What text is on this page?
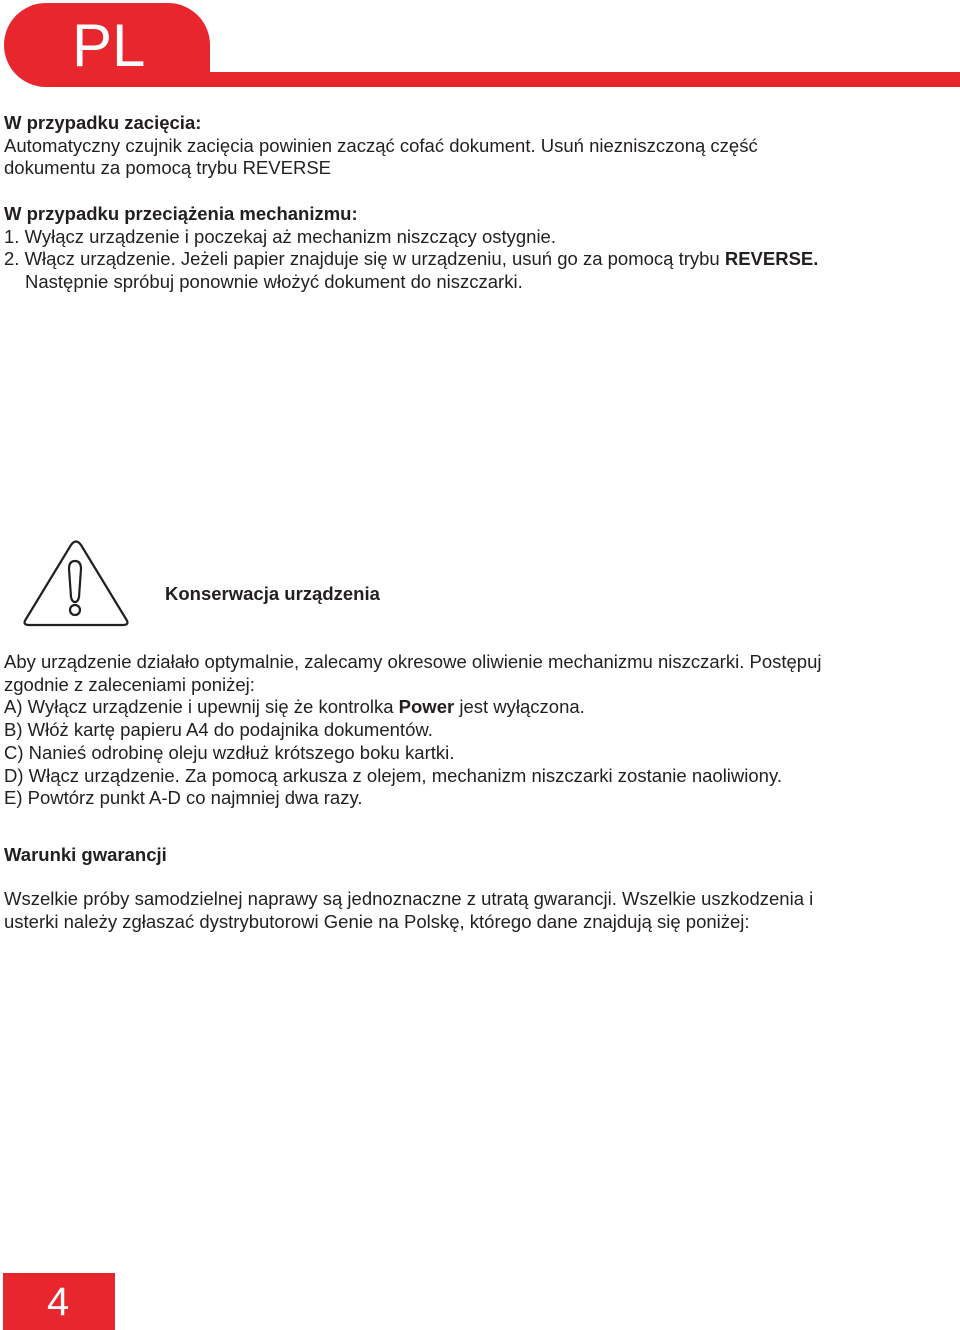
PL

W przypadku zacięcia:

Automatyczny czujnik zacięcia powinien zacząć cofać dokument. Usuń niezniszczoną część

dokumentu za pomocą trybu REVERSE

W przypadku przeciążenia mechanizmu:

1. Wyłącz urządzenie i poczekaj aż mechanizm niszczący ostygnie.

2. Włącz urządzenie. Jeżeli papier znajduje się w urządzeniu, usuń go za pomocą trybu REVERSE.

Następnie spróbuj ponownie włożyć dokument do niszczarki.

Konserwacja urządzenia

Aby urządzenie działało optymalnie, zalecamy okresowe oliwienie mechanizmu niszczarki. Postępuj

zgodnie z zaleceniami poniżej:

A) Wyłącz urządzenie i upewnij się że kontrolka Power jest wyłączona.

B) Włóż kartę papieru A4 do podajnika dokumentów.

C) Nanieś odrobinę oleju wzdłuż krótszego boku kartki.

D) Włącz urządzenie. Za pomocą arkusza z olejem, mechanizm niszczarki zostanie naoliwiony.

E) Powtórz punkt A-D co najmniej dwa razy.

Warunki gwarancji

Wszelkie próby samodzielnej naprawy są jednoznaczne z utratą gwarancji. Wszelkie uszkodzenia i

usterki należy zgłaszać dystrybutorowi Genie na Polskę, którego dane znajdują się poniżej:

4
